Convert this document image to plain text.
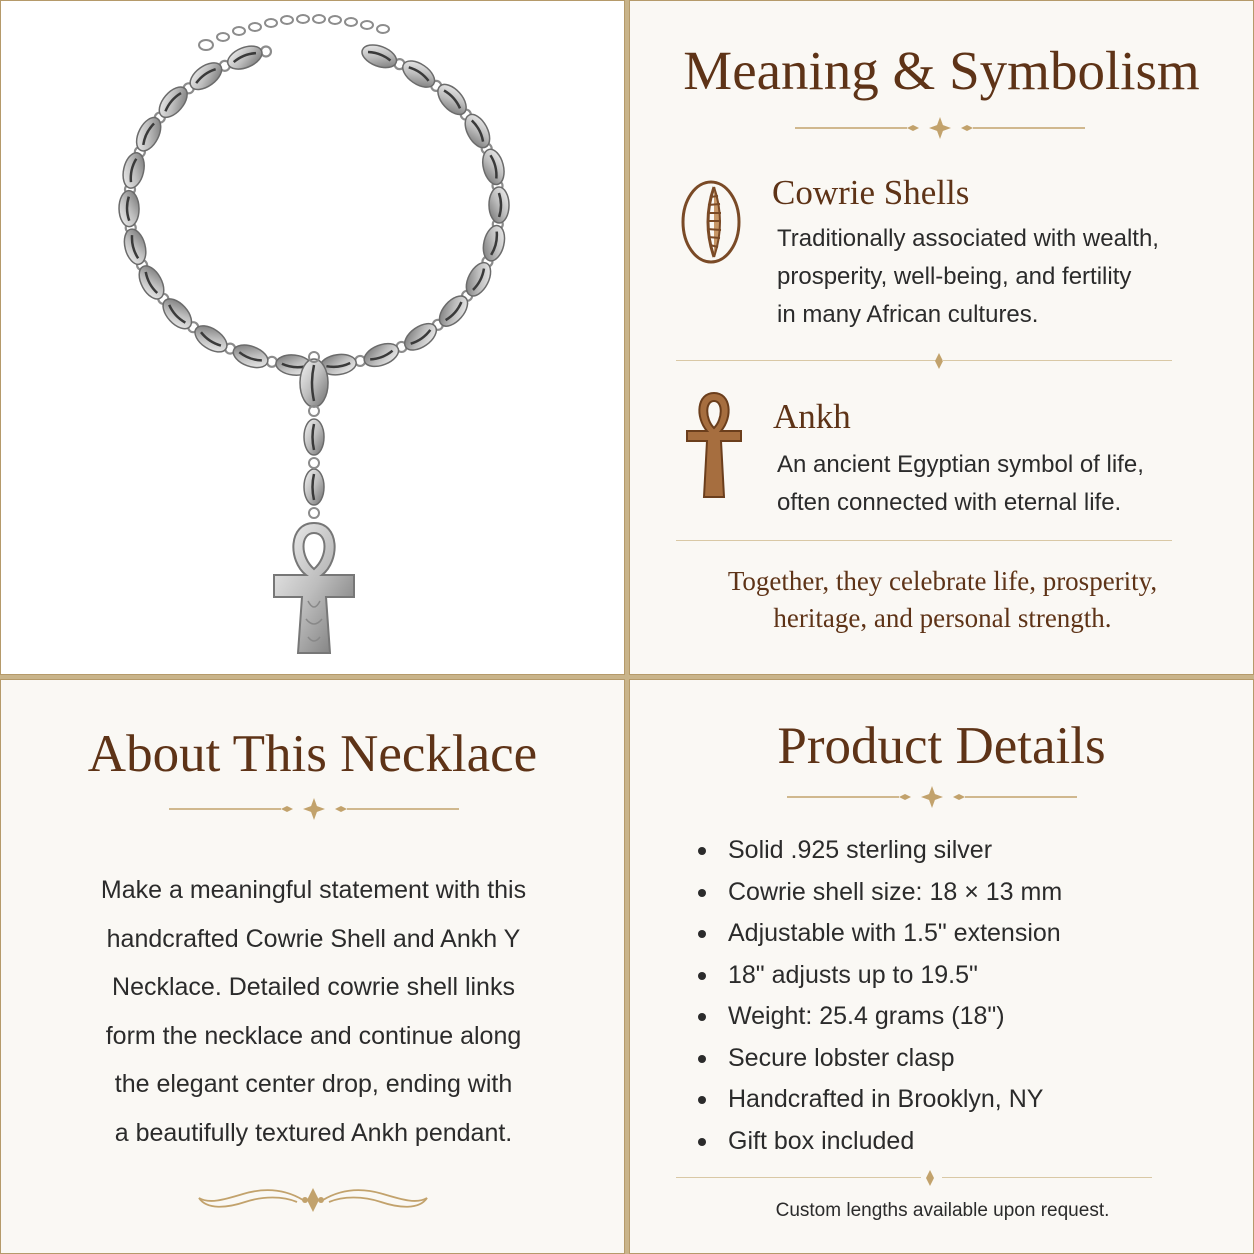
Meaning & Symbolism
Cowrie Shells
Traditionally associated with wealth,
prosperity, well-being, and fertility
in many African cultures.
Ankh
An ancient Egyptian symbol of life,
often connected with eternal life.
Together, they celebrate life, prosperity,
heritage, and personal strength.
About This Necklace
Make a meaningful statement with this
handcrafted Cowrie Shell and Ankh Y
Necklace. Detailed cowrie shell links
form the necklace and continue along
the elegant center drop, ending with
a beautifully textured Ankh pendant.
Product Details
Solid .925 sterling silver
Cowrie shell size: 18 × 13 mm
Adjustable with 1.5" extension
18" adjusts up to 19.5"
Weight: 25.4 grams (18")
Secure lobster clasp
Handcrafted in Brooklyn, NY
Gift box included
Custom lengths available upon request.
